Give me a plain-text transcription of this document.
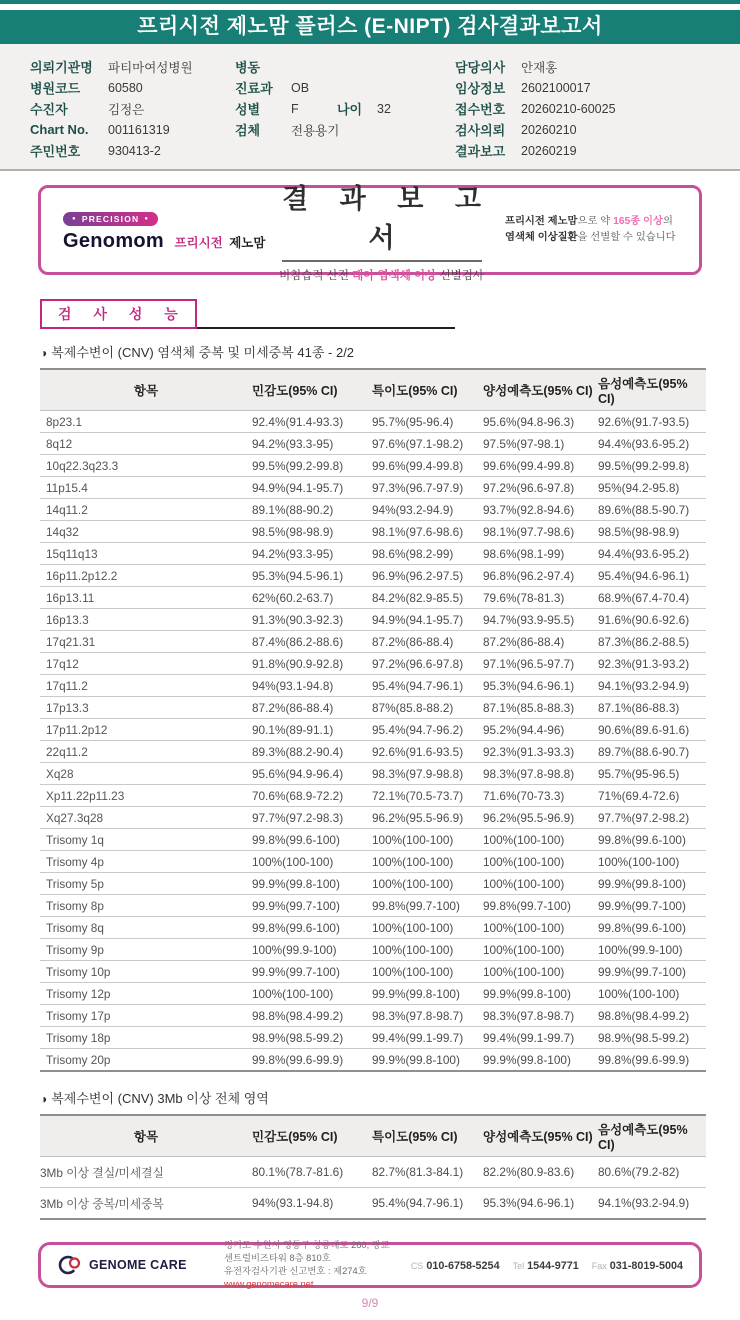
프리시전 제노맘 플러스 (E-NIPT) 검사결과보고서
의뢰기관명	파티마여성병원
병원코드	60580
수진자	김정은
Chart No.	001161319
주민번호	930413-2
병동
진료과	OB
성별	F	나이	32
검체	전용용기
담당의사	안재홍
임상정보	2602100017
접수번호	20260210-60025
검사의뢰	20260210
결과보고	20260219
● PRECISION ●
Genomom 프리시전 제노맘
결 과 보 고 서
비침습적 산전 태아 염색체 이상 선별검사
프리시전 제노맘으로 약 165종 이상의 염색체 이상질환을 선별할 수 있습니다
검 사 성 능
◑ 복제수변이 (CNV) 염색체 중복 및 미세중복 41종 - 2/2
항목	민감도(95% CI)	특이도(95% CI)	양성예측도(95% CI)	음성예측도(95% CI)
8p23.1	92.4%(91.4-93.3)	95.7%(95-96.4)	95.6%(94.8-96.3)	92.6%(91.7-93.5)
8q12	94.2%(93.3-95)	97.6%(97.1-98.2)	97.5%(97-98.1)	94.4%(93.6-95.2)
10q22.3q23.3	99.5%(99.2-99.8)	99.6%(99.4-99.8)	99.6%(99.4-99.8)	99.5%(99.2-99.8)
11p15.4	94.9%(94.1-95.7)	97.3%(96.7-97.9)	97.2%(96.6-97.8)	95%(94.2-95.8)
14q11.2	89.1%(88-90.2)	94%(93.2-94.9)	93.7%(92.8-94.6)	89.6%(88.5-90.7)
14q32	98.5%(98-98.9)	98.1%(97.6-98.6)	98.1%(97.7-98.6)	98.5%(98-98.9)
15q11q13	94.2%(93.3-95)	98.6%(98.2-99)	98.6%(98.1-99)	94.4%(93.6-95.2)
16p11.2p12.2	95.3%(94.5-96.1)	96.9%(96.2-97.5)	96.8%(96.2-97.4)	95.4%(94.6-96.1)
16p13.11	62%(60.2-63.7)	84.2%(82.9-85.5)	79.6%(78-81.3)	68.9%(67.4-70.4)
16p13.3	91.3%(90.3-92.3)	94.9%(94.1-95.7)	94.7%(93.9-95.5)	91.6%(90.6-92.6)
17q21.31	87.4%(86.2-88.6)	87.2%(86-88.4)	87.2%(86-88.4)	87.3%(86.2-88.5)
17q12	91.8%(90.9-92.8)	97.2%(96.6-97.8)	97.1%(96.5-97.7)	92.3%(91.3-93.2)
17q11.2	94%(93.1-94.8)	95.4%(94.7-96.1)	95.3%(94.6-96.1)	94.1%(93.2-94.9)
17p13.3	87.2%(86-88.4)	87%(85.8-88.2)	87.1%(85.8-88.3)	87.1%(86-88.3)
17p11.2p12	90.1%(89-91.1)	95.4%(94.7-96.2)	95.2%(94.4-96)	90.6%(89.6-91.6)
22q11.2	89.3%(88.2-90.4)	92.6%(91.6-93.5)	92.3%(91.3-93.3)	89.7%(88.6-90.7)
Xq28	95.6%(94.9-96.4)	98.3%(97.9-98.8)	98.3%(97.8-98.8)	95.7%(95-96.5)
Xp11.22p11.23	70.6%(68.9-72.2)	72.1%(70.5-73.7)	71.6%(70-73.3)	71%(69.4-72.6)
Xq27.3q28	97.7%(97.2-98.3)	96.2%(95.5-96.9)	96.2%(95.5-96.9)	97.7%(97.2-98.2)
Trisomy 1q	99.8%(99.6-100)	100%(100-100)	100%(100-100)	99.8%(99.6-100)
Trisomy 4p	100%(100-100)	100%(100-100)	100%(100-100)	100%(100-100)
Trisomy 5p	99.9%(99.8-100)	100%(100-100)	100%(100-100)	99.9%(99.8-100)
Trisomy 8p	99.9%(99.7-100)	99.8%(99.7-100)	99.8%(99.7-100)	99.9%(99.7-100)
Trisomy 8q	99.8%(99.6-100)	100%(100-100)	100%(100-100)	99.8%(99.6-100)
Trisomy 9p	100%(99.9-100)	100%(100-100)	100%(100-100)	100%(99.9-100)
Trisomy 10p	99.9%(99.7-100)	100%(100-100)	100%(100-100)	99.9%(99.7-100)
Trisomy 12p	100%(100-100)	99.9%(99.8-100)	99.9%(99.8-100)	100%(100-100)
Trisomy 17p	98.8%(98.4-99.2)	98.3%(97.8-98.7)	98.3%(97.8-98.7)	98.8%(98.4-99.2)
Trisomy 18p	98.9%(98.5-99.2)	99.4%(99.1-99.7)	99.4%(99.1-99.7)	98.9%(98.5-99.2)
Trisomy 20p	99.8%(99.6-99.9)	99.9%(99.8-100)	99.9%(99.8-100)	99.8%(99.6-99.9)
◑ 복제수변이 (CNV) 3Mb 이상 전체 영역
항목	민감도(95% CI)	특이도(95% CI)	양성예측도(95% CI)	음성예측도(95% CI)
3Mb 이상 결실/미세결실	80.1%(78.7-81.6)	82.7%(81.3-84.1)	82.2%(80.9-83.6)	80.6%(79.2-82)
3Mb 이상 중복/미세중복	94%(93.1-94.8)	95.4%(94.7-96.1)	95.3%(94.6-96.1)	94.1%(93.2-94.9)
GENOME CARE
경기도 수원시 영통구 창룡대로 260, 광교 센트럴비즈타워 8층 810호
유전자검사기관 신고번호 : 제274호
www.genomecare.net
CS 010-6758-5254 Tel 1544-9771 Fax 031-8019-5004
9/9
